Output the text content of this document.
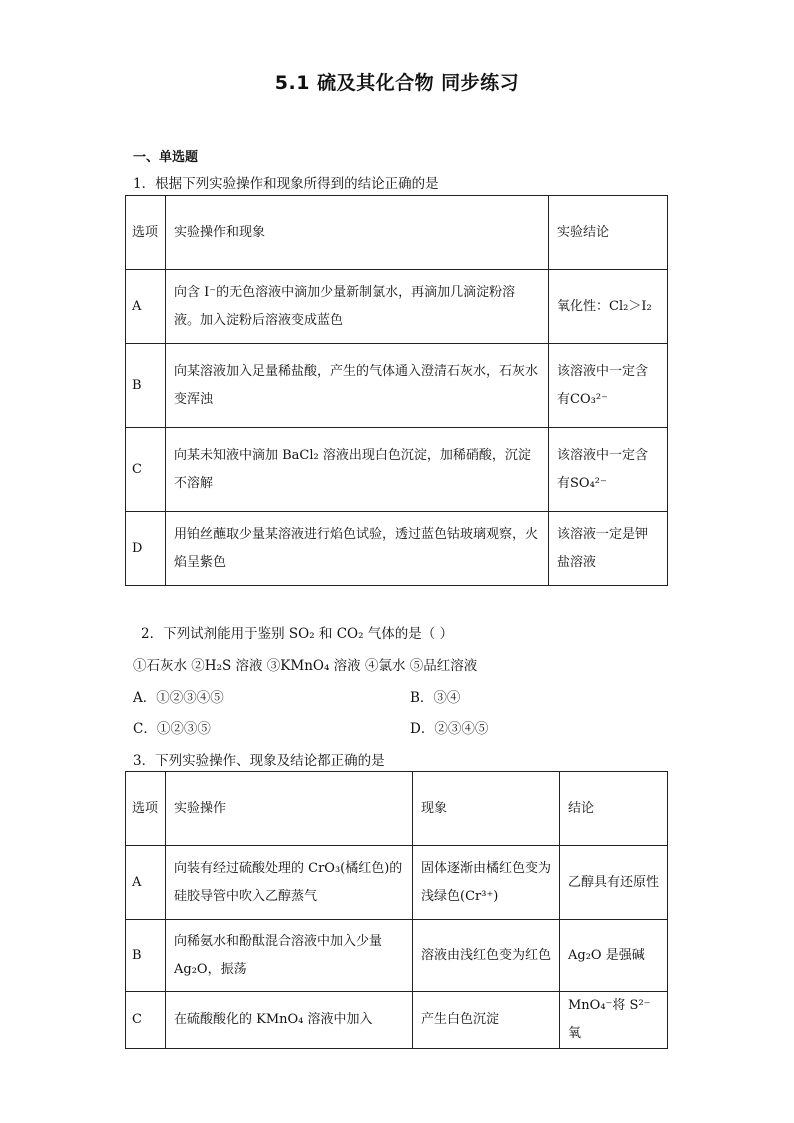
5.1 硫及其化合物 同步练习
一、单选题
1．根据下列实验操作和现象所得到的结论正确的是
选项	实验操作和现象	实验结论
A	向含 I⁻的无色溶液中滴加少量新制氯水，再滴加几滴淀粉溶液。加入淀粉后溶液变成蓝色	氧化性：Cl₂＞I₂
B	向某溶液加入足量稀盐酸，产生的气体通入澄清石灰水，石灰水变浑浊	该溶液中一定含有CO₃²⁻
C	向某未知液中滴加 BaCl₂ 溶液出现白色沉淀，加稀硝酸，沉淀不溶解	该溶液中一定含有SO₄²⁻
D	用铂丝蘸取少量某溶液进行焰色试验，透过蓝色钴玻璃观察，火焰呈紫色	该溶液一定是钾盐溶液
2．下列试剂能用于鉴别 SO₂ 和 CO₂ 气体的是（ ）
①石灰水 ②H₂S 溶液 ③KMnO₄ 溶液 ④氯水 ⑤品红溶液
A．①②③④⑤	B．③④
C．①②③⑤	D．②③④⑤
3．下列实验操作、现象及结论都正确的是
选项	实验操作	现象	结论
A	向装有经过硫酸处理的 CrO₃(橘红色)的硅胶导管中吹入乙醇蒸气	固体逐渐由橘红色变为浅绿色(Cr³⁺)	乙醇具有还原性
B	向稀氨水和酚酞混合溶液中加入少量 Ag₂O，振荡	溶液由浅红色变为红色	Ag₂O 是强碱
C	在硫酸酸化的 KMnO₄ 溶液中加入	产生白色沉淀	MnO₄⁻将 S²⁻氧
